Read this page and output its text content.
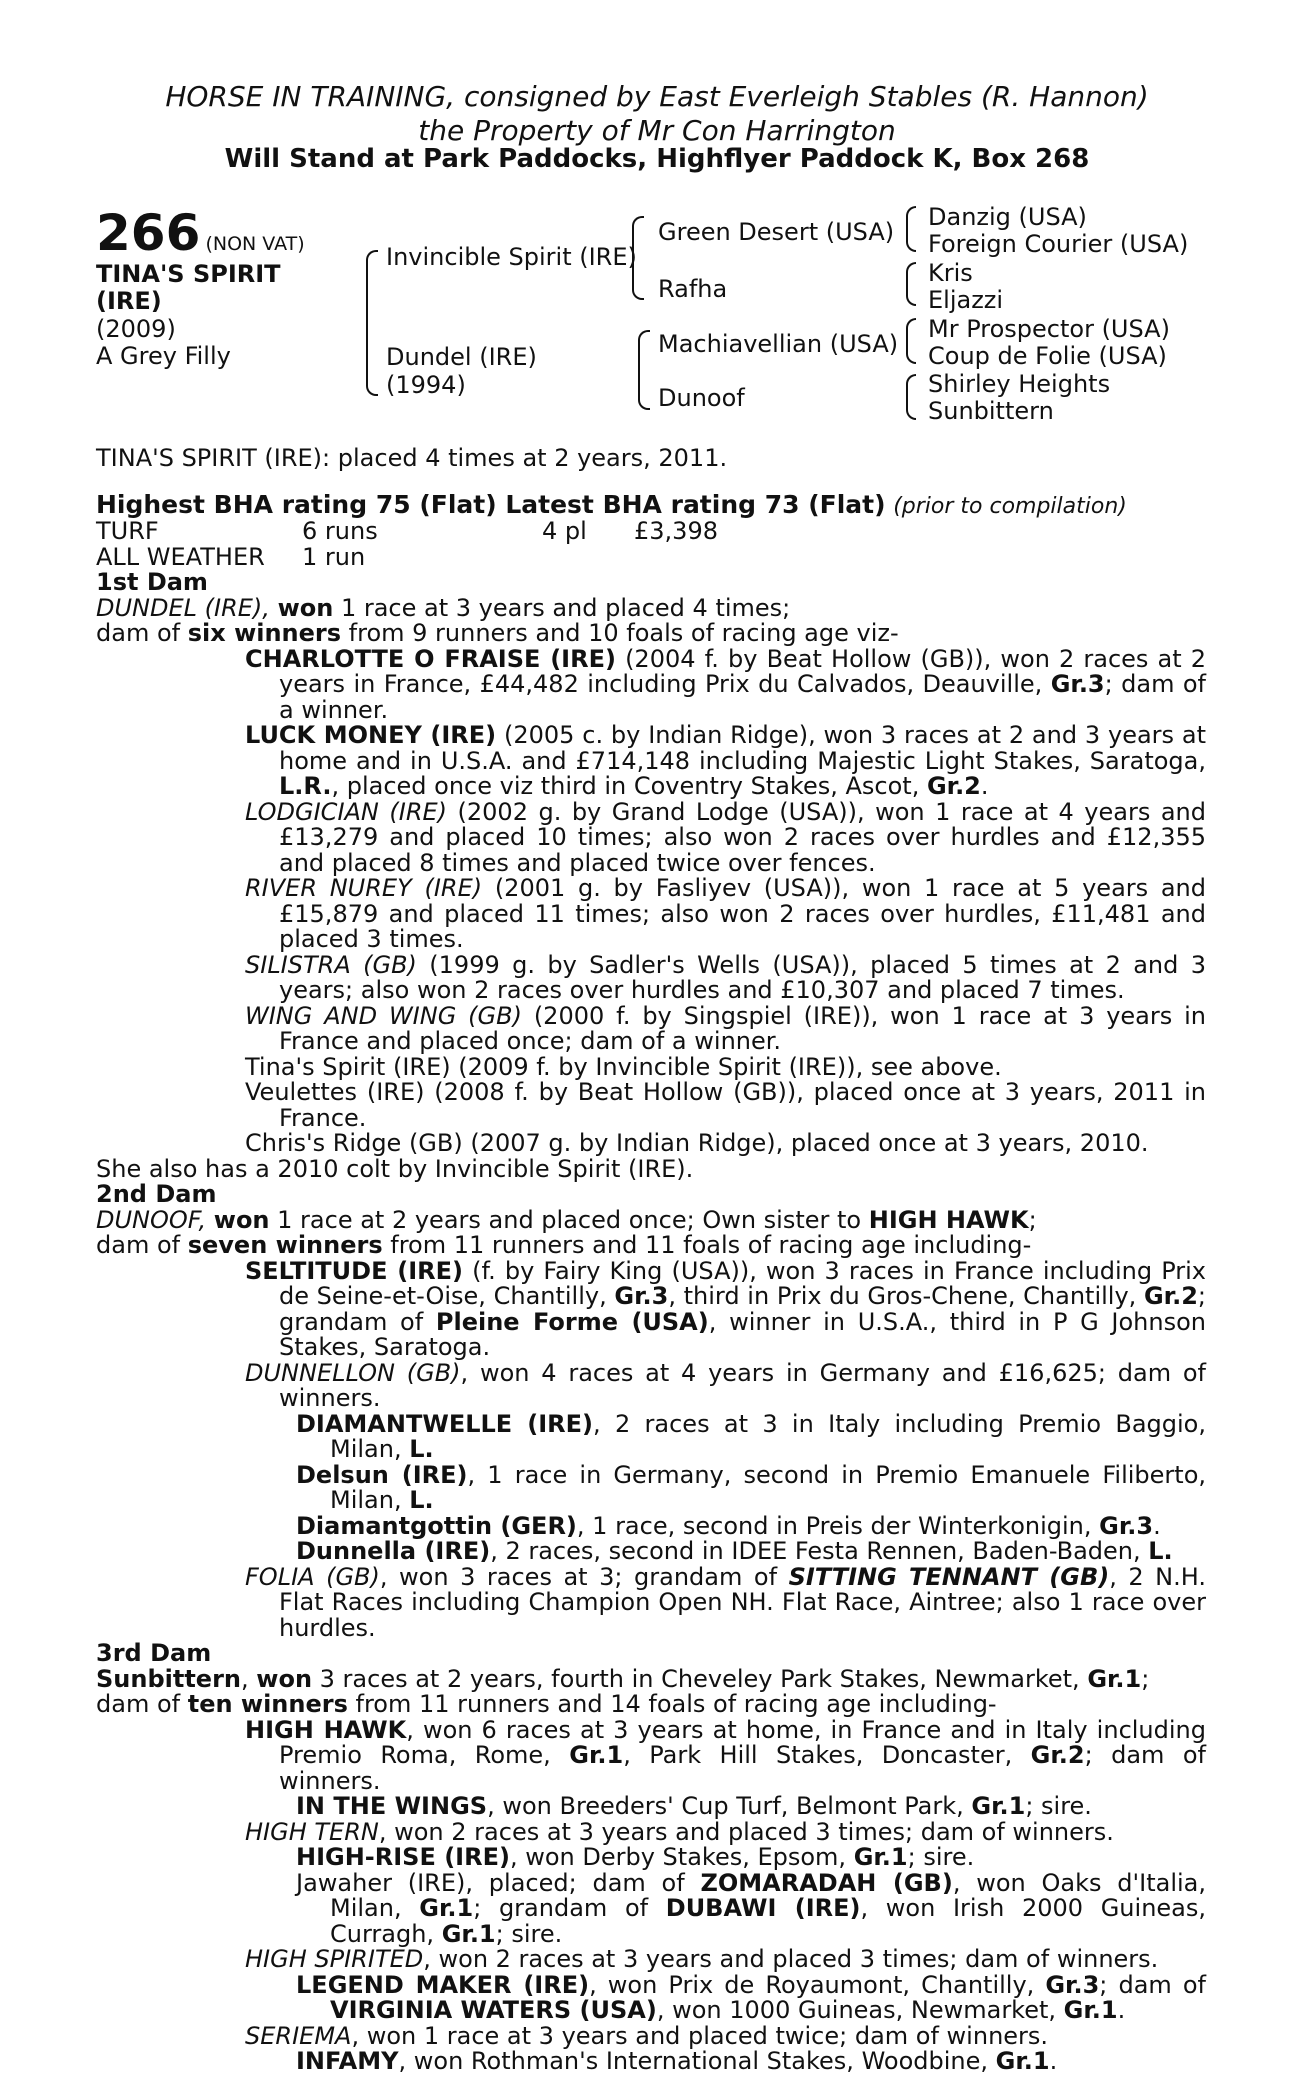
HORSE IN TRAINING, consigned by East Everleigh Stables (R. Hannon)
the Property of Mr Con Harrington
Will Stand at Park Paddocks, Highflyer Paddock K, Box 268
266 (NON VAT)
TINA'S SPIRIT
(IRE)
(2009)
A Grey Filly
Invincible Spirit (IRE)
Dundel (IRE)
(1994)
Green Desert (USA)
Rafha
Machiavellian (USA)
Dunoof
Danzig (USA)
Foreign Courier (USA)
Kris
Eljazzi
Mr Prospector (USA)
Coup de Folie (USA)
Shirley Heights
Sunbittern

TINA'S SPIRIT (IRE): placed 4 times at 2 years, 2011.

Highest BHA rating 75 (Flat) Latest BHA rating 73 (Flat) (prior to compilation)

TURF	6 runs	4 pl	£3,398
ALL WEATHER	1 run

1st Dam

DUNDEL (IRE), won 1 race at 3 years and placed 4 times;

dam of six winners from 9 runners and 10 foals of racing age viz-

CHARLOTTE O FRAISE (IRE) (2004 f. by Beat Hollow (GB)), won 2 races at 2 years in France, £44,482 including Prix du Calvados, Deauville, Gr.3; dam of a winner.

LUCK MONEY (IRE) (2005 c. by Indian Ridge), won 3 races at 2 and 3 years at home and in U.S.A. and £714,148 including Majestic Light Stakes, Saratoga, L.R., placed once viz third in Coventry Stakes, Ascot, Gr.2.

LODGICIAN (IRE) (2002 g. by Grand Lodge (USA)), won 1 race at 4 years and £13,279 and placed 10 times; also won 2 races over hurdles and £12,355 and placed 8 times and placed twice over fences.

RIVER NUREY (IRE) (2001 g. by Fasliyev (USA)), won 1 race at 5 years and £15,879 and placed 11 times; also won 2 races over hurdles, £11,481 and placed 3 times.

SILISTRA (GB) (1999 g. by Sadler's Wells (USA)), placed 5 times at 2 and 3 years; also won 2 races over hurdles and £10,307 and placed 7 times.

WING AND WING (GB) (2000 f. by Singspiel (IRE)), won 1 race at 3 years in France and placed once; dam of a winner.

Tina's Spirit (IRE) (2009 f. by Invincible Spirit (IRE)), see above.

Veulettes (IRE) (2008 f. by Beat Hollow (GB)), placed once at 3 years, 2011 in France.

Chris's Ridge (GB) (2007 g. by Indian Ridge), placed once at 3 years, 2010.

She also has a 2010 colt by Invincible Spirit (IRE).

2nd Dam

DUNOOF, won 1 race at 2 years and placed once; Own sister to HIGH HAWK;

dam of seven winners from 11 runners and 11 foals of racing age including-

SELTITUDE (IRE) (f. by Fairy King (USA)), won 3 races in France including Prix de Seine-et-Oise, Chantilly, Gr.3, third in Prix du Gros-Chene, Chantilly, Gr.2; grandam of Pleine Forme (USA), winner in U.S.A., third in P G Johnson Stakes, Saratoga.

DUNNELLON (GB), won 4 races at 4 years in Germany and £16,625; dam of winners.

DIAMANTWELLE (IRE), 2 races at 3 in Italy including Premio Baggio, Milan, L.

Delsun (IRE), 1 race in Germany, second in Premio Emanuele Filiberto, Milan, L.

Diamantgottin (GER), 1 race, second in Preis der Winterkonigin, Gr.3.

Dunnella (IRE), 2 races, second in IDEE Festa Rennen, Baden-Baden, L.

FOLIA (GB), won 3 races at 3; grandam of SITTING TENNANT (GB), 2 N.H. Flat Races including Champion Open NH. Flat Race, Aintree; also 1 race over hurdles.

3rd Dam

Sunbittern, won 3 races at 2 years, fourth in Cheveley Park Stakes, Newmarket, Gr.1;

dam of ten winners from 11 runners and 14 foals of racing age including-

HIGH HAWK, won 6 races at 3 years at home, in France and in Italy including Premio Roma, Rome, Gr.1, Park Hill Stakes, Doncaster, Gr.2; dam of winners.

IN THE WINGS, won Breeders' Cup Turf, Belmont Park, Gr.1; sire.

HIGH TERN, won 2 races at 3 years and placed 3 times; dam of winners.

HIGH-RISE (IRE), won Derby Stakes, Epsom, Gr.1; sire.

Jawaher (IRE), placed; dam of ZOMARADAH (GB), won Oaks d'Italia, Milan, Gr.1; grandam of DUBAWI (IRE), won Irish 2000 Guineas, Curragh, Gr.1; sire.

HIGH SPIRITED, won 2 races at 3 years and placed 3 times; dam of winners.

LEGEND MAKER (IRE), won Prix de Royaumont, Chantilly, Gr.3; dam of VIRGINIA WATERS (USA), won 1000 Guineas, Newmarket, Gr.1.

SERIEMA, won 1 race at 3 years and placed twice; dam of winners.

INFAMY, won Rothman's International Stakes, Woodbine, Gr.1.
